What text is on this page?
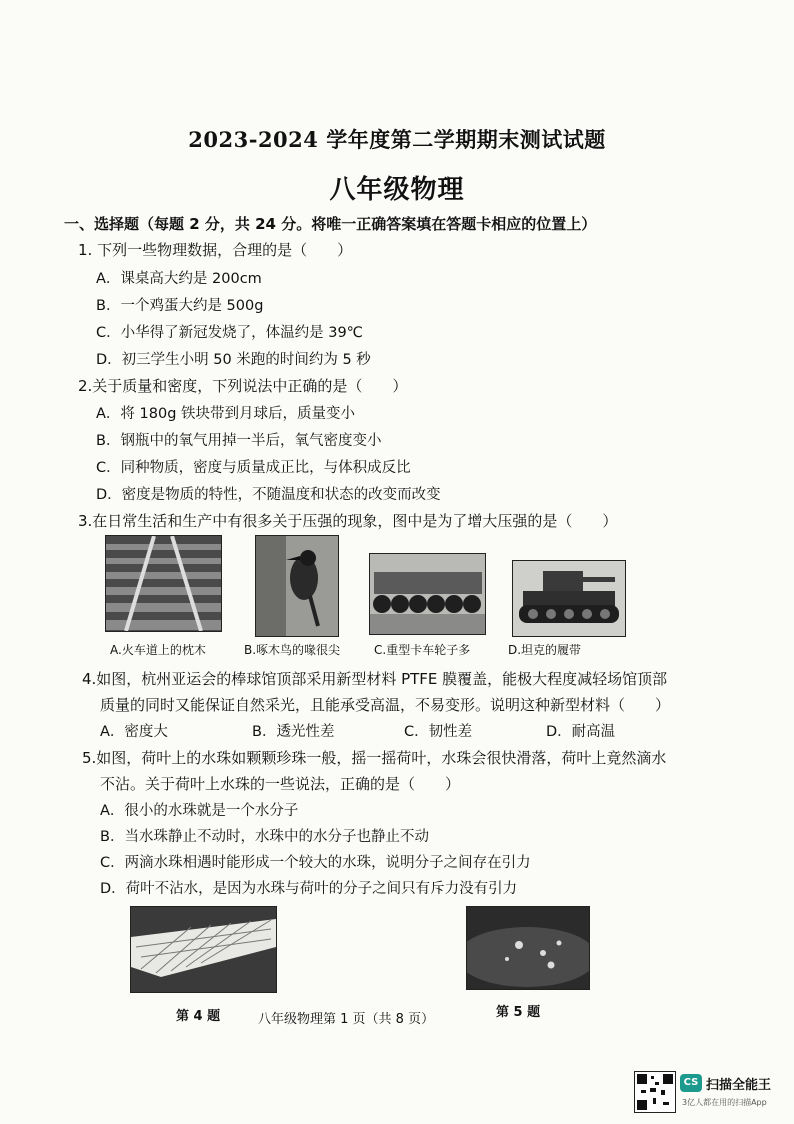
2023-2024 学年度第二学期期末测试试题
八年级物理
一、选择题（每题 2 分，共 24 分。将唯一正确答案填在答题卡相应的位置上）
1. 下列一些物理数据，合理的是（　　）
A．课桌高大约是 200cm
B．一个鸡蛋大约是 500g
C．小华得了新冠发烧了，体温约是 39℃
D．初三学生小明 50 米跑的时间约为 5 秒
2.关于质量和密度，下列说法中正确的是（　　）
A．将 180g 铁块带到月球后，质量变小
B．钢瓶中的氧气用掉一半后，氧气密度变小
C．同种物质，密度与质量成正比，与体积成反比
D．密度是物质的特性，不随温度和状态的改变而改变
3.在日常生活和生产中有很多关于压强的现象，图中是为了增大压强的是（　　）
A.火车道上的枕木	B.啄木鸟的喙很尖	C.重型卡车轮子多	D.坦克的履带
4.如图，杭州亚运会的棒球馆顶部采用新型材料 PTFE 膜覆盖，能极大程度减轻场馆顶部
质量的同时又能保证自然采光，且能承受高温，不易变形。说明这种新型材料（　　）
A．密度大	B．透光性差	C．韧性差	D．耐高温
5.如图，荷叶上的水珠如颗颗珍珠一般，摇一摇荷叶，水珠会很快滑落，荷叶上竟然滴水
不沾。关于荷叶上水珠的一些说法，正确的是（　　）
A．很小的水珠就是一个水分子
B．当水珠静止不动时，水珠中的水分子也静止不动
C．两滴水珠相遇时能形成一个较大的水珠，说明分子之间存在引力
D．荷叶不沾水，是因为水珠与荷叶的分子之间只有斥力没有引力
第 4 题	八年级物理第 1 页（共 8 页）	第 5 题
CS 扫描全能王
3亿人都在用的扫描App
